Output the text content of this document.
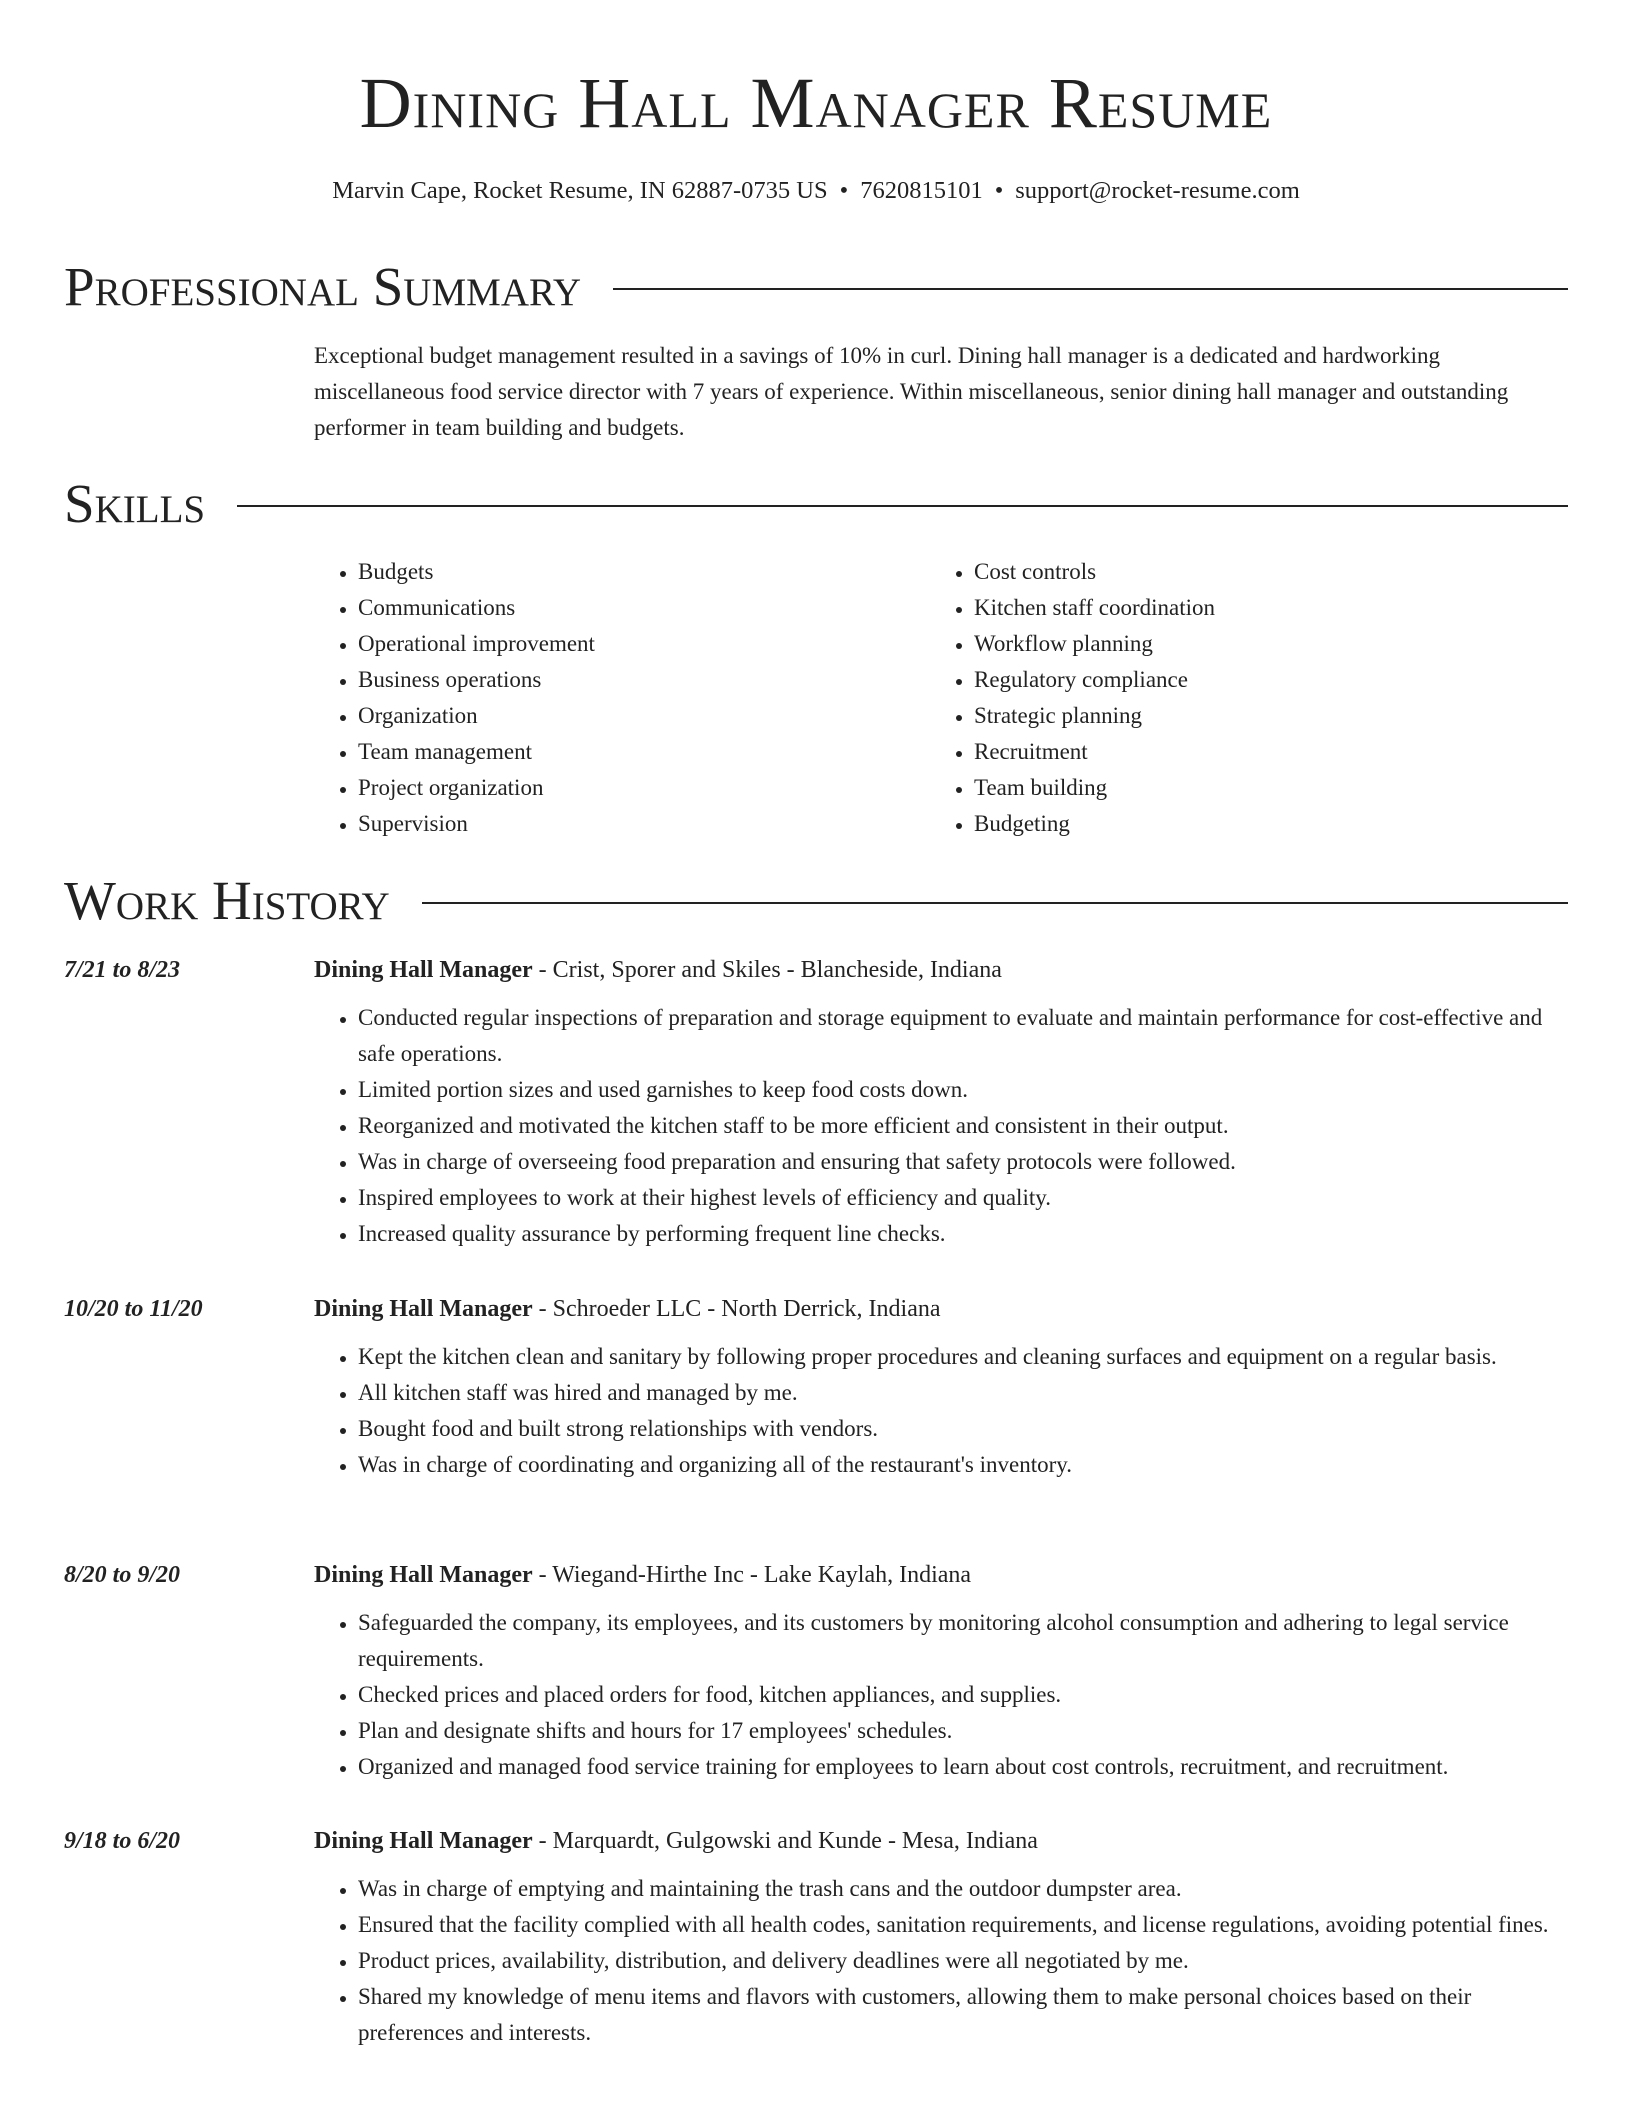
Dining Hall Manager Resume
Marvin Cape, Rocket Resume, IN 62887-0735 US • 7620815101 • support@rocket-resume.com
Professional Summary
Exceptional budget management resulted in a savings of 10% in curl. Dining hall manager is a dedicated and hardworking miscellaneous food service director with 7 years of experience. Within miscellaneous, senior dining hall manager and outstanding performer in team building and budgets.
Skills
• Budgets
• Communications
• Operational improvement
• Business operations
• Organization
• Team management
• Project organization
• Supervision
• Cost controls
• Kitchen staff coordination
• Workflow planning
• Regulatory compliance
• Strategic planning
• Recruitment
• Team building
• Budgeting
Work History
7/21 to 8/23	Dining Hall Manager - Crist, Sporer and Skiles - Blancheside, Indiana
• Conducted regular inspections of preparation and storage equipment to evaluate and maintain performance for cost-effective and safe operations.
• Limited portion sizes and used garnishes to keep food costs down.
• Reorganized and motivated the kitchen staff to be more efficient and consistent in their output.
• Was in charge of overseeing food preparation and ensuring that safety protocols were followed.
• Inspired employees to work at their highest levels of efficiency and quality.
• Increased quality assurance by performing frequent line checks.
10/20 to 11/20	Dining Hall Manager - Schroeder LLC - North Derrick, Indiana
• Kept the kitchen clean and sanitary by following proper procedures and cleaning surfaces and equipment on a regular basis.
• All kitchen staff was hired and managed by me.
• Bought food and built strong relationships with vendors.
• Was in charge of coordinating and organizing all of the restaurant's inventory.
8/20 to 9/20	Dining Hall Manager - Wiegand-Hirthe Inc - Lake Kaylah, Indiana
• Safeguarded the company, its employees, and its customers by monitoring alcohol consumption and adhering to legal service requirements.
• Checked prices and placed orders for food, kitchen appliances, and supplies.
• Plan and designate shifts and hours for 17 employees' schedules.
• Organized and managed food service training for employees to learn about cost controls, recruitment, and recruitment.
9/18 to 6/20	Dining Hall Manager - Marquardt, Gulgowski and Kunde - Mesa, Indiana
• Was in charge of emptying and maintaining the trash cans and the outdoor dumpster area.
• Ensured that the facility complied with all health codes, sanitation requirements, and license regulations, avoiding potential fines.
• Product prices, availability, distribution, and delivery deadlines were all negotiated by me.
• Shared my knowledge of menu items and flavors with customers, allowing them to make personal choices based on their preferences and interests.
